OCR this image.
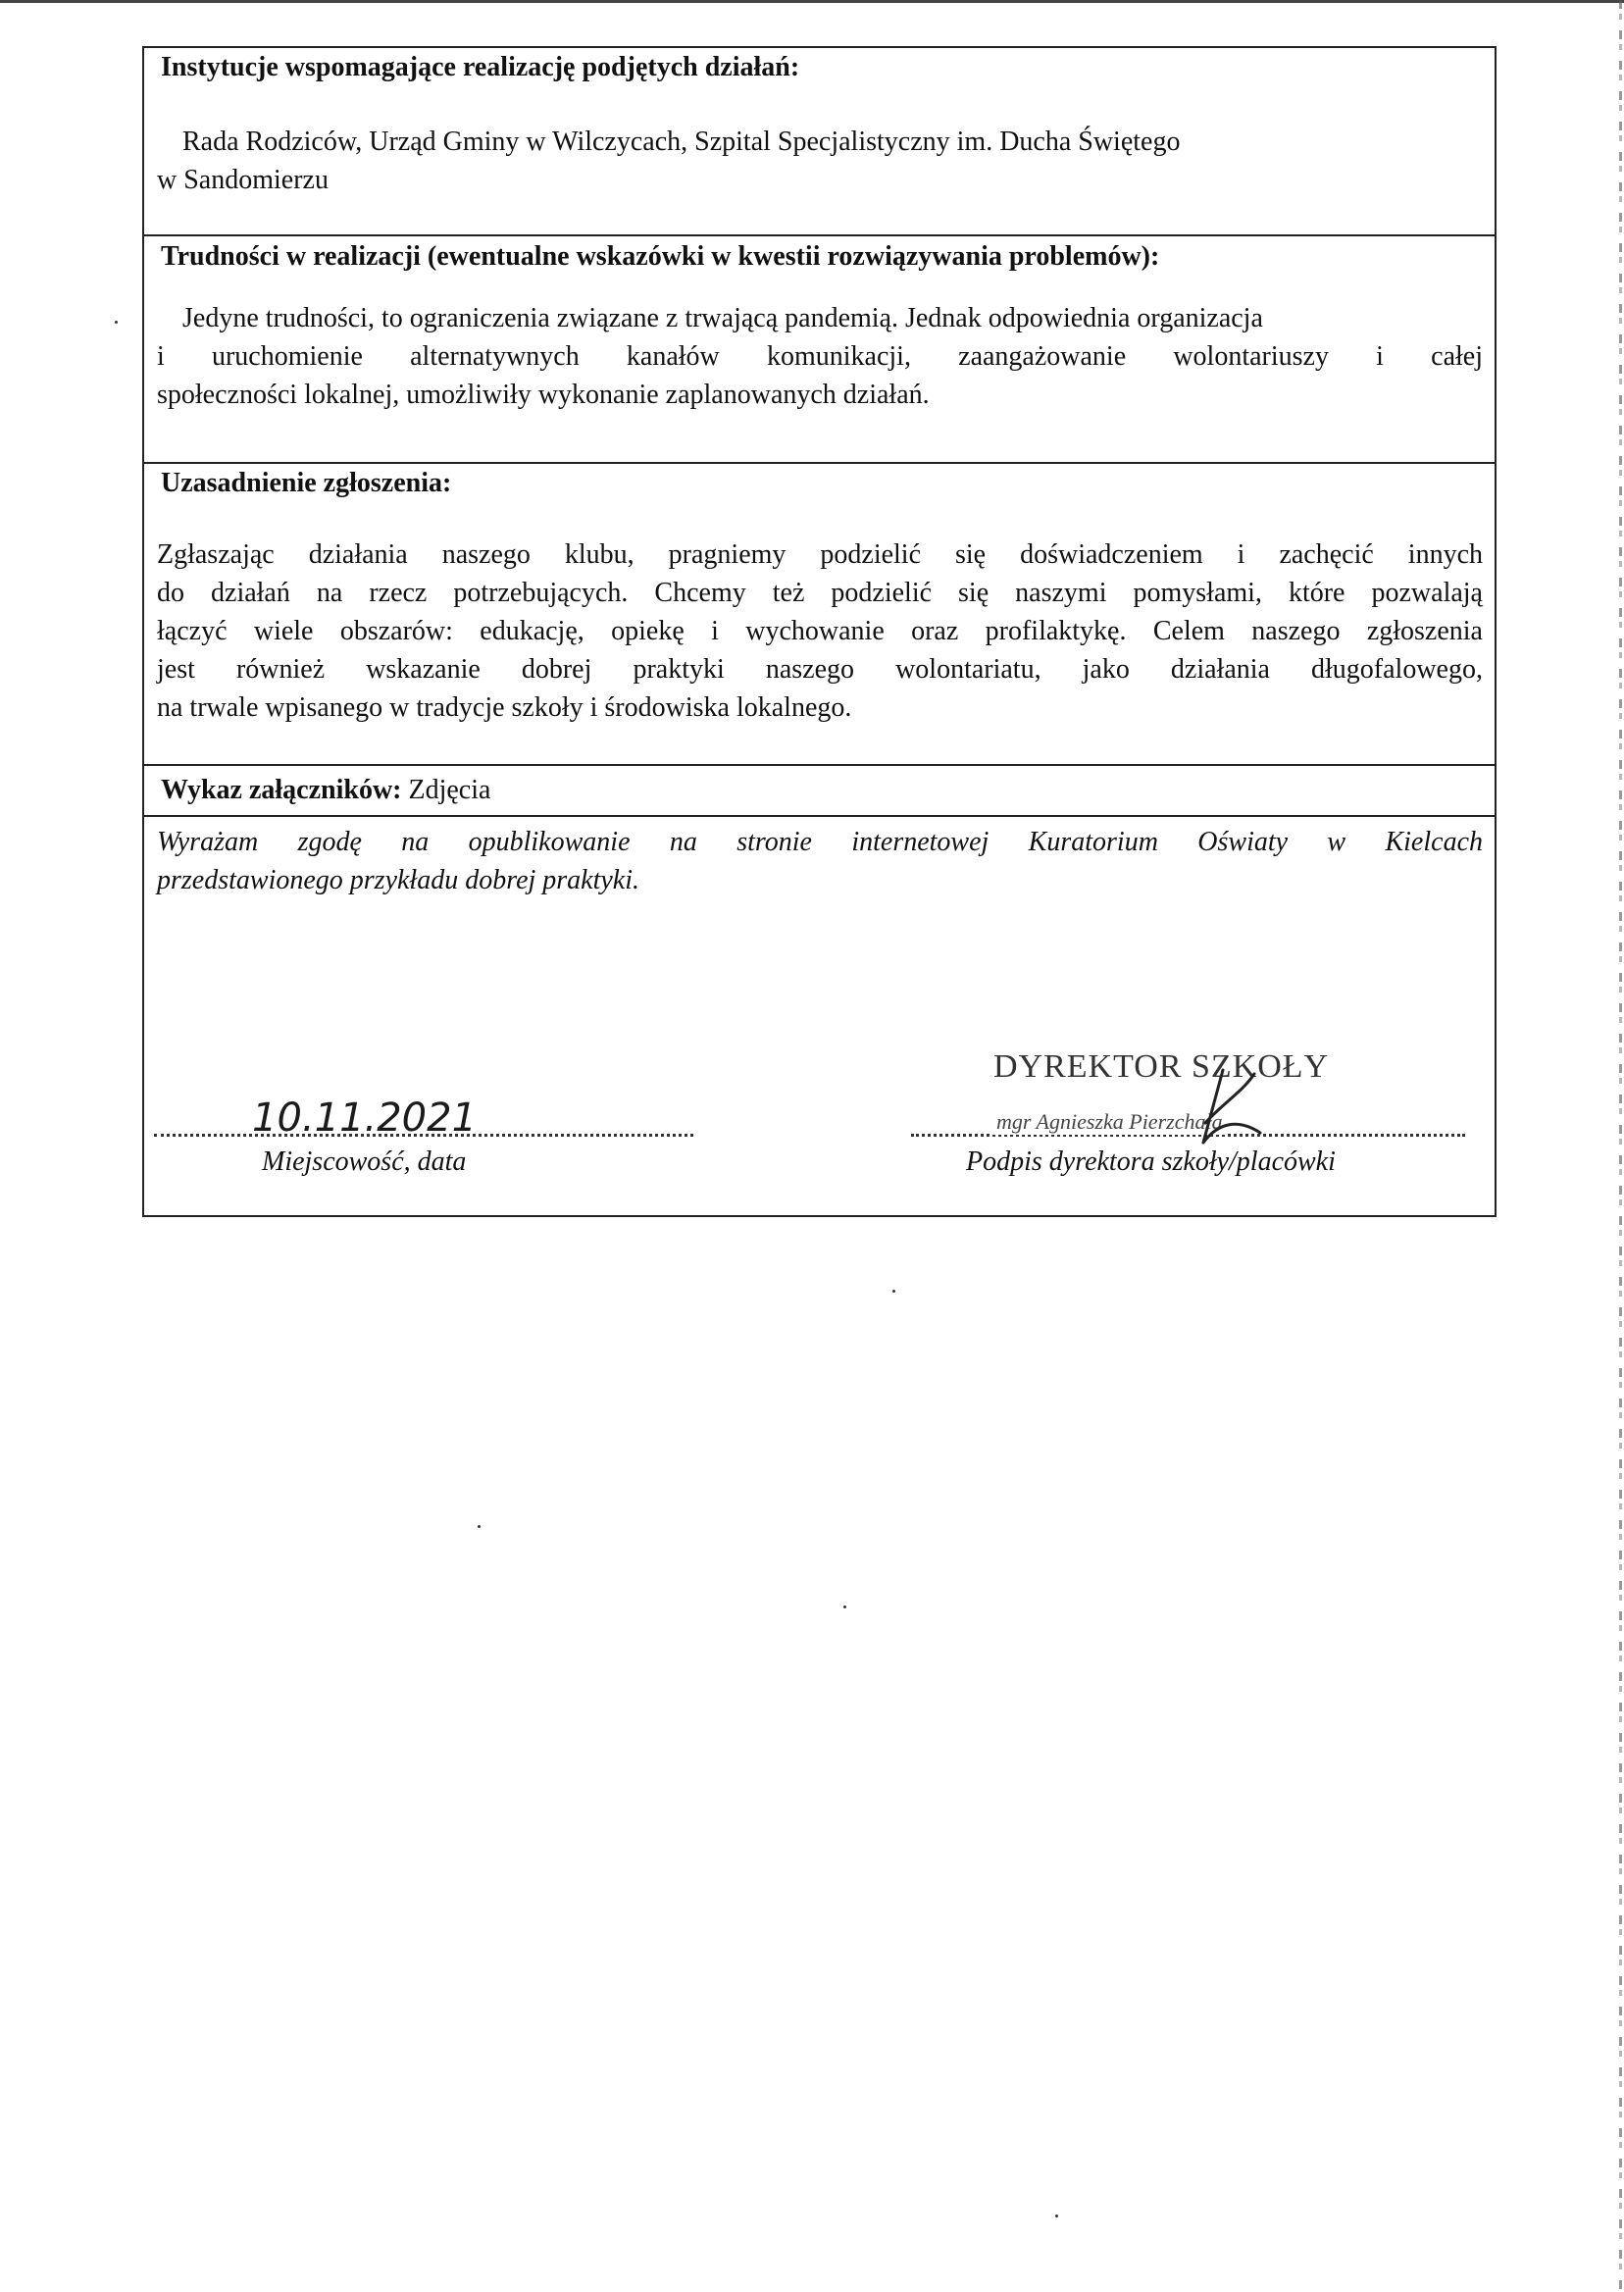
Instytucje wspomagające realizację podjętych działań:

Rada Rodziców, Urząd Gminy w Wilczycach, Szpital Specjalistyczny im. Ducha Świętego

w Sandomierzu

Trudności w realizacji (ewentualne wskazówki w kwestii rozwiązywania problemów):

Jedyne trudności, to ograniczenia związane z trwającą pandemią. Jednak odpowiednia organizacja

i uruchomienie alternatywnych kanałów komunikacji, zaangażowanie wolontariuszy i całej

społeczności lokalnej, umożliwiły wykonanie zaplanowanych działań.

Uzasadnienie zgłoszenia:

Zgłaszając działania naszego klubu, pragniemy podzielić się doświadczeniem i zachęcić innych

do działań na rzecz potrzebujących. Chcemy też podzielić się naszymi pomysłami, które pozwalają

łączyć wiele obszarów: edukację, opiekę i wychowanie oraz profilaktykę. Celem naszego zgłoszenia

jest również wskazanie dobrej praktyki naszego wolontariatu, jako działania długofalowego,

na trwale wpisanego w tradycje szkoły i środowiska lokalnego.

Wykaz załączników: Zdjęcia

Wyrażam zgodę na opublikowanie na stronie internetowej Kuratorium Oświaty w Kielcach

przedstawionego przykładu dobrej praktyki.

DYREKTOR SZKOŁY
10.11.2021
Miejscowość, data
mgr Agnieszka Pierzchała
Podpis dyrektora szkoły/placówki
